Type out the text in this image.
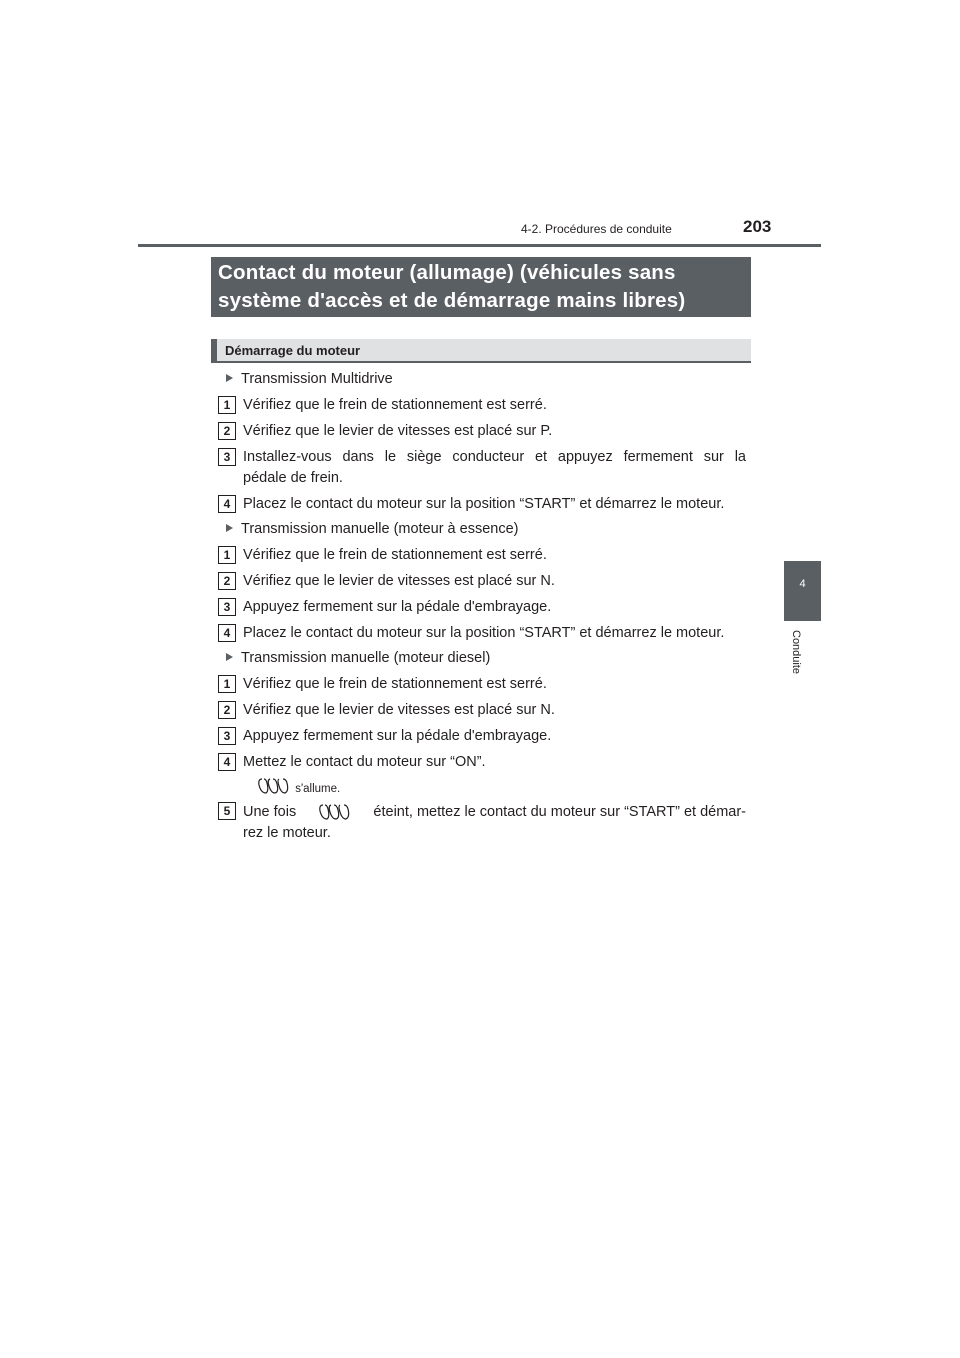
4-2. Procédures de conduite	203
4
Conduite
Contact du moteur (allumage) (véhicules sans
système d'accès et de démarrage mains libres)
Démarrage du moteur
Transmission Multidrive
1 Vérifiez que le frein de stationnement est serré.
2 Vérifiez que le levier de vitesses est placé sur P.
3 Installez-vous dans le siège conducteur et appuyez fermement sur la
pédale de frein.
4 Placez le contact du moteur sur la position “START” et démarrez le moteur.
Transmission manuelle (moteur à essence)
1 Vérifiez que le frein de stationnement est serré.
2 Vérifiez que le levier de vitesses est placé sur N.
3 Appuyez fermement sur la pédale d'embrayage.
4 Placez le contact du moteur sur la position “START” et démarrez le moteur.
Transmission manuelle (moteur diesel)
1 Vérifiez que le frein de stationnement est serré.
2 Vérifiez que le levier de vitesses est placé sur N.
3 Appuyez fermement sur la pédale d'embrayage.
4 Mettez le contact du moteur sur “ON”.
s'allume.
5 Une fois	éteint, mettez le contact du moteur sur “START” et démar-
rez le moteur.
